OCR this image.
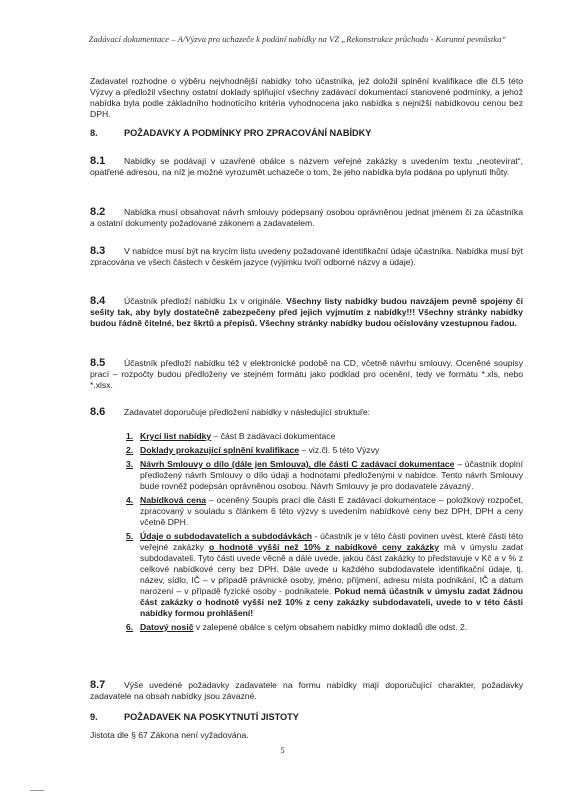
Zadávací dokumentace – A/Výzva pro uchazeče k podání nabídky na VZ „Rekonstrukce průchodu - Korunní pevnůstka“
Zadavatel rozhodne o výběru nejvhodnější nabídky toho účastníka, jež doložil splnění kvalifikace dle čl.5 této Výzvy a předložil všechny ostatní doklady splňující všechny zadávací dokumentací stanovené podmínky, a jehož nabídka byla podle základního hodnotícího kritéria vyhodnocena jako nabídka s nejnižší nabídkovou cenou bez DPH.
8.	POŽADAVKY A PODMÍNKY PRO ZPRACOVÁNÍ NABÍDKY
8.1	Nabídky se podávají v uzavřené obálce s názvem veřejné zakázky s uvedením textu „neotevírat“, opatřené adresou, na níž je možné vyrozumět uchazeče o tom, že jeho nabídka byla podána po uplynutí lhůty.
8.2	Nabídka musí obsahovat návrh smlouvy podepsaný osobou oprávněnou jednat jménem či za účastníka a ostatní dokumenty požadované zákonem a zadavatelem.
8.3	V nabídce musí být na krycím listu uvedeny požadované identifikační údaje účastníka. Nabídka musí být zpracována ve všech částech v českém jazyce (výjimku tvoří odborné názvy a údaje).
8.4	Účastník předloží nabídku 1x v originále. Všechny listy nabídky budou navzájem pevně spojeny či sešity tak, aby byly dostatečně zabezpečeny před jejich vyjmutím z nabídky!!! Všechny stránky nabídky budou řádně čitelné, bez škrtů a přepisů. Všechny stránky nabídky budou očíslovány vzestupnou řadou.
8.5	Účastník předloží nabídku též v elektronické podobě na CD, včetně návrhu smlouvy. Oceněné soupisy prací – rozpočty budou předloženy ve stejném formátu jako podklad pro ocenění, tedy ve formátu *.xls, nebo *.xlsx.
8.6	Zadavatel doporučuje předložení nabídky v následující struktuře:
1. Krycí list nabídky – část B zadávací dokumentace
2. Doklady prokazující splnění kvalifikace – viz.čl. 5 této Výzvy
3. Návrh Smlouvy o dílo (dále jen Smlouva), dle části C zadávací dokumentace – účastník doplní předložený návrh Smlouvy o dílo údaji a hodnotami předloženými v nabídce. Tento návrh Smlouvy bude rovněž podepsán oprávněnou osobou. Návrh Smlouvy je pro dodavatele závazný.
4. Nabídková cena – oceněný Soupis prací dle části E zadávací dokumentace – položkový rozpočet, zpracovaný v souladu s článkem 6 této výzvy s uvedením nabídkové ceny bez DPH, DPH a ceny včetně DPH.
5. Údaje o subdodavatelích a subdodávkách - účastník je v této části povinen uvést, které části této veřejné zakázky o hodnotě vyšší než 10% z nabídkové ceny zakázky má v úmyslu zadat subdodavateli. Tyto části uvede věcně a dále uvede, jakou část zakázky to představuje v Kč a v % z celkové nabídkové ceny bez DPH. Dále uvede u každého subdodavatele identifikační údaje, tj. název, sídlo, IČ – v případě právnické osoby, jméno, příjmení, adresu místa podnikání, IČ a datum narození – v případě fyzické osoby - podnikatele. Pokud nemá účastník v úmyslu zadat žádnou část zakázky o hodnotě vyšší než 10% z ceny zakázky subdodavateli, uvede to v této části nabídky formou prohlášení!
6. Datový nosič v zalepené obálce s celým obsahem nabídky mimo dokladů dle odst. 2.
8.7	Výše uvedené požadavky zadavatele na formu nabídky mají doporučující charakter, požadavky zadavatele na obsah nabídky jsou závazné.
9.	POŽADAVEK NA POSKYTNUTÍ JISTOTY
Jistota dle § 67 Zákona není vyžadována.
5
